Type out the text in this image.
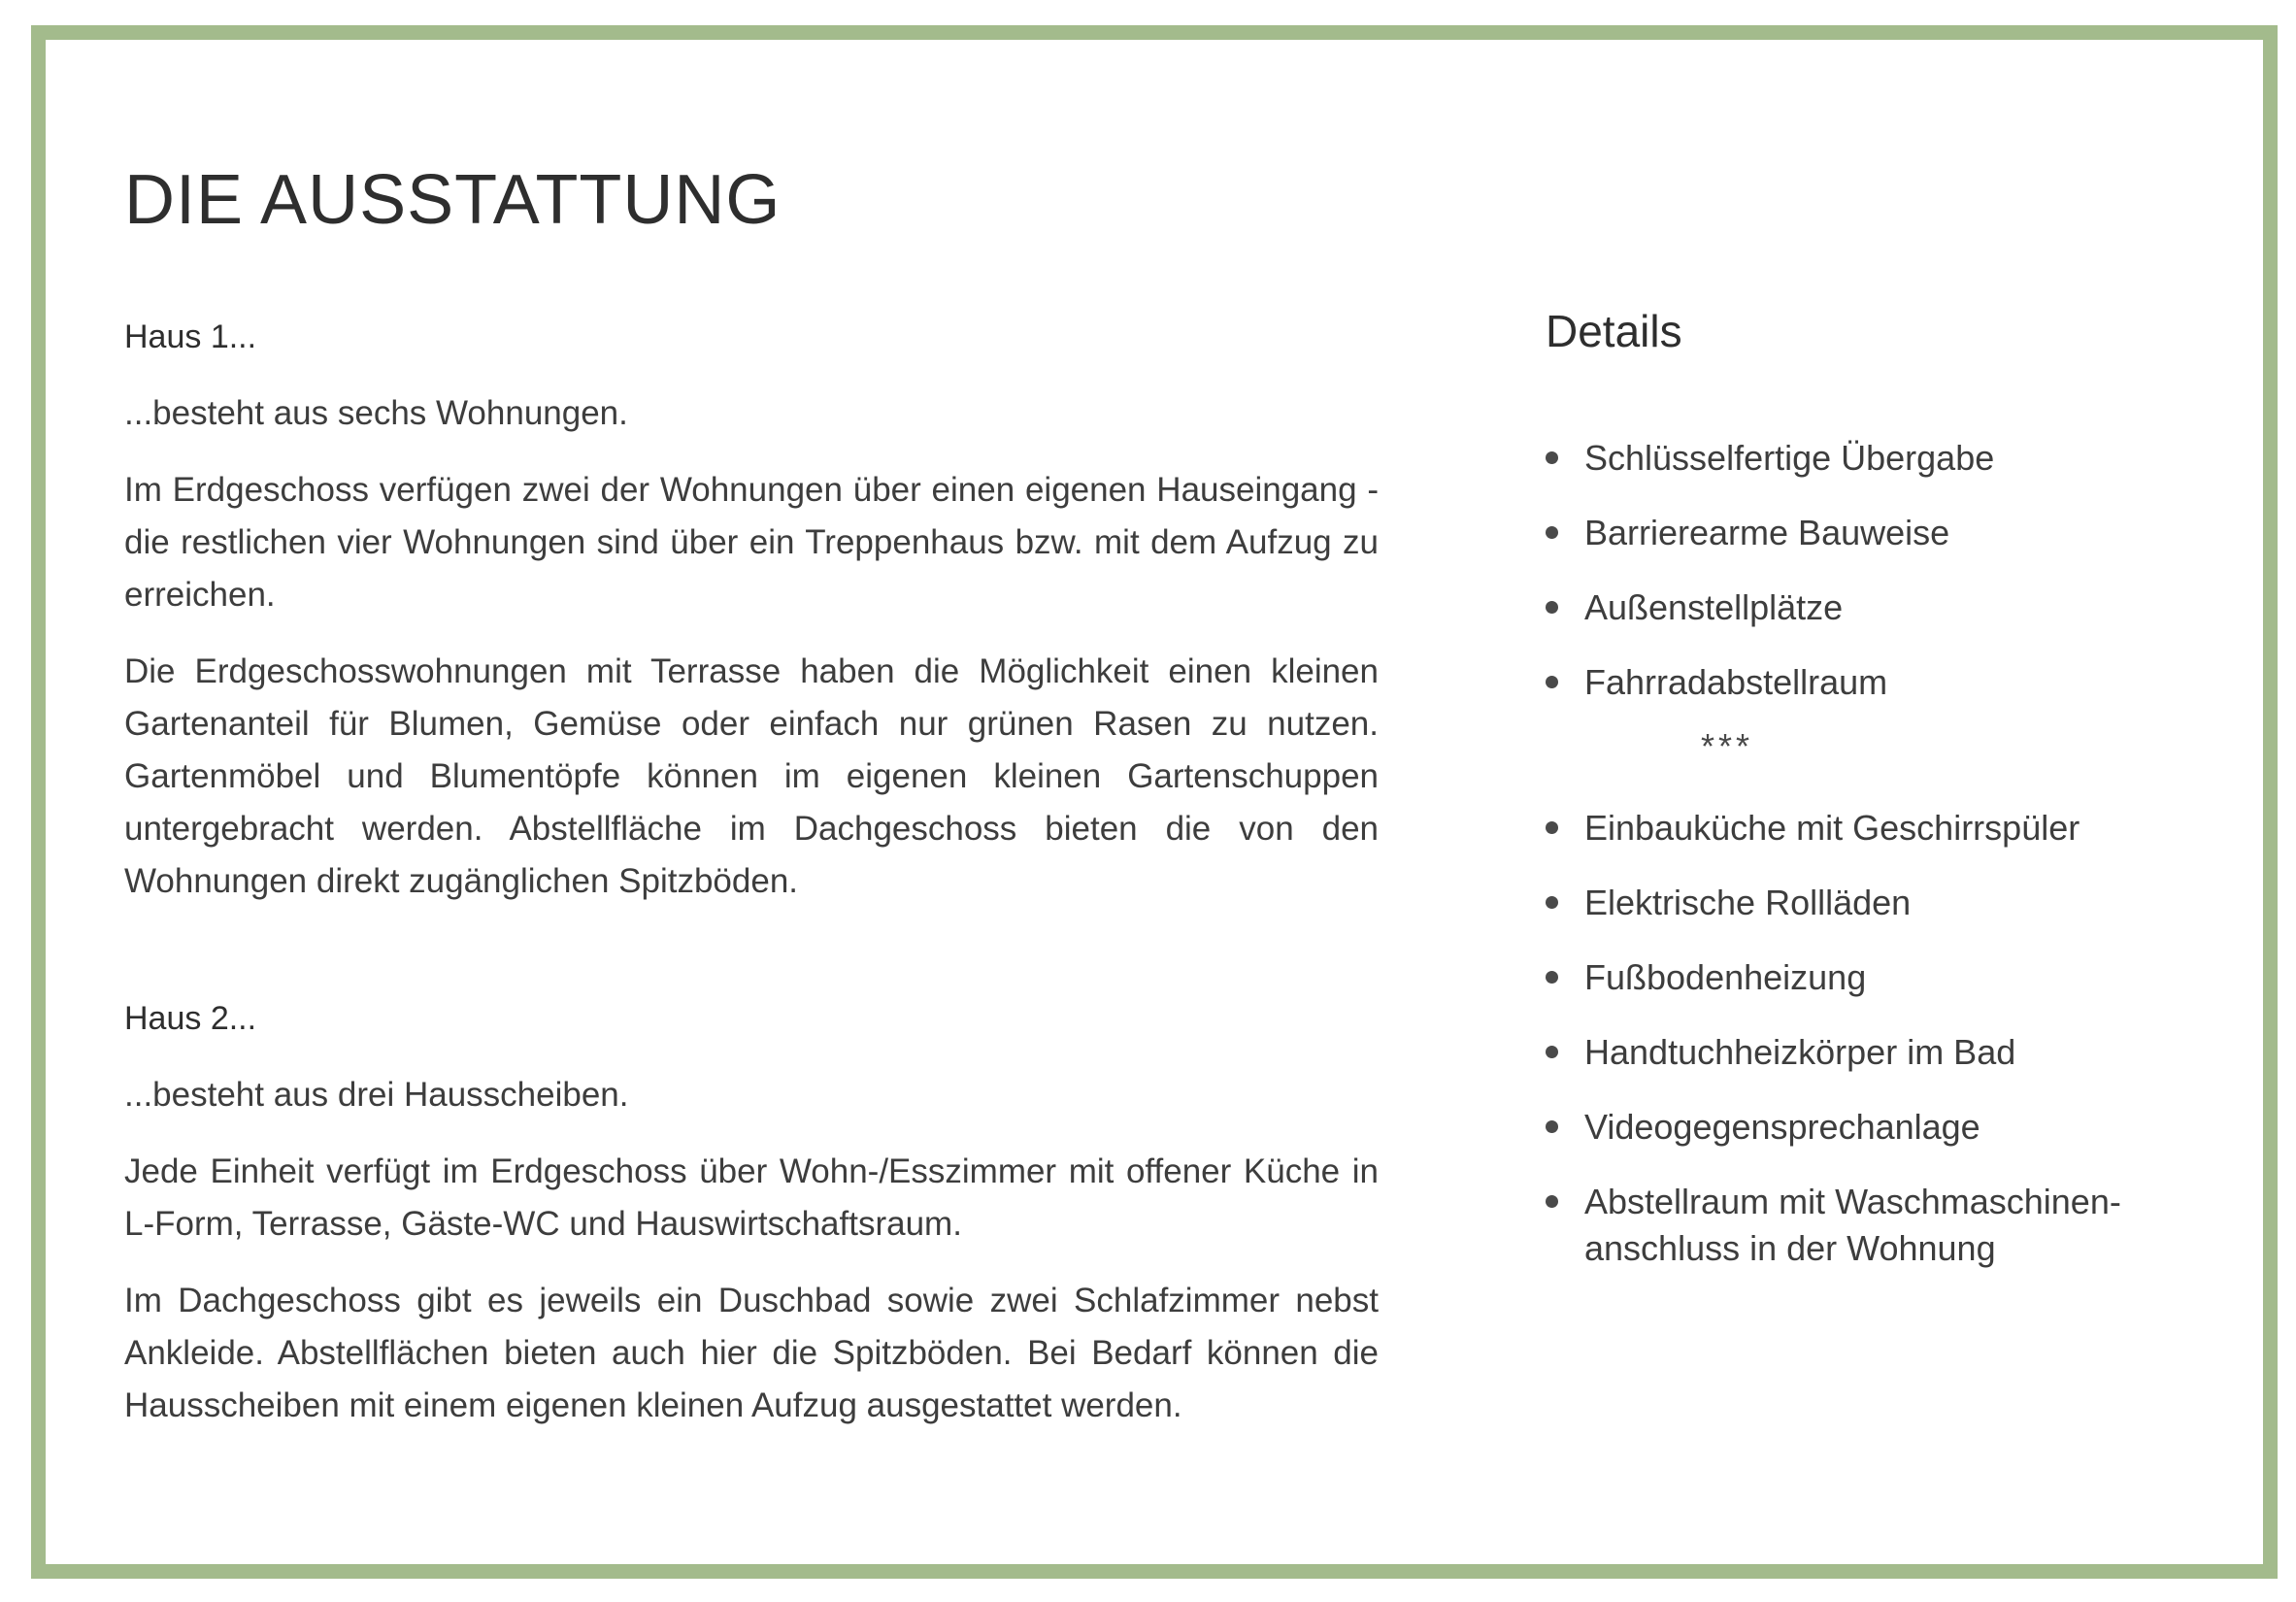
DIE AUSSTATTUNG
Haus 1...

...besteht aus sechs Wohnungen.

Im Erdgeschoss verfügen zwei der Wohnungen über einen eigenen Hauseingang - die restlichen vier Wohnungen sind über ein Treppenhaus bzw. mit dem Aufzug zu erreichen.

Die Erdgeschosswohnungen mit Terrasse haben die Möglichkeit einen kleinen Gartenanteil für Blumen, Gemüse oder einfach nur grünen Rasen zu nutzen. Gartenmöbel und Blumentöpfe können im eigenen kleinen Gartenschuppen untergebracht werden. Abstellfläche im Dachgeschoss bieten die von den Wohnungen direkt zugänglichen Spitzböden.

Haus 2...

...besteht aus drei Hausscheiben.

Jede Einheit verfügt im Erdgeschoss über Wohn-/Esszimmer mit offener Küche in L-Form, Terrasse, Gäste-WC und Hauswirtschaftsraum.

Im Dachgeschoss gibt es jeweils ein Duschbad sowie zwei Schlafzimmer nebst Ankleide. Abstellflächen bieten auch hier die Spitzböden. Bei Bedarf können die Hausscheiben mit einem eigenen kleinen Aufzug ausgestattet werden.

Details
Schlüsselfertige Übergabe
Barrierearme Bauweise
Außenstellplätze
Fahrradabstellraum
***
Einbauküche mit Geschirrspüler
Elektrische Rollläden
Fußbodenheizung
Handtuchheizkörper im Bad
Videogegensprechanlage
Abstellraum mit Waschmaschinen-anschluss in der Wohnung
